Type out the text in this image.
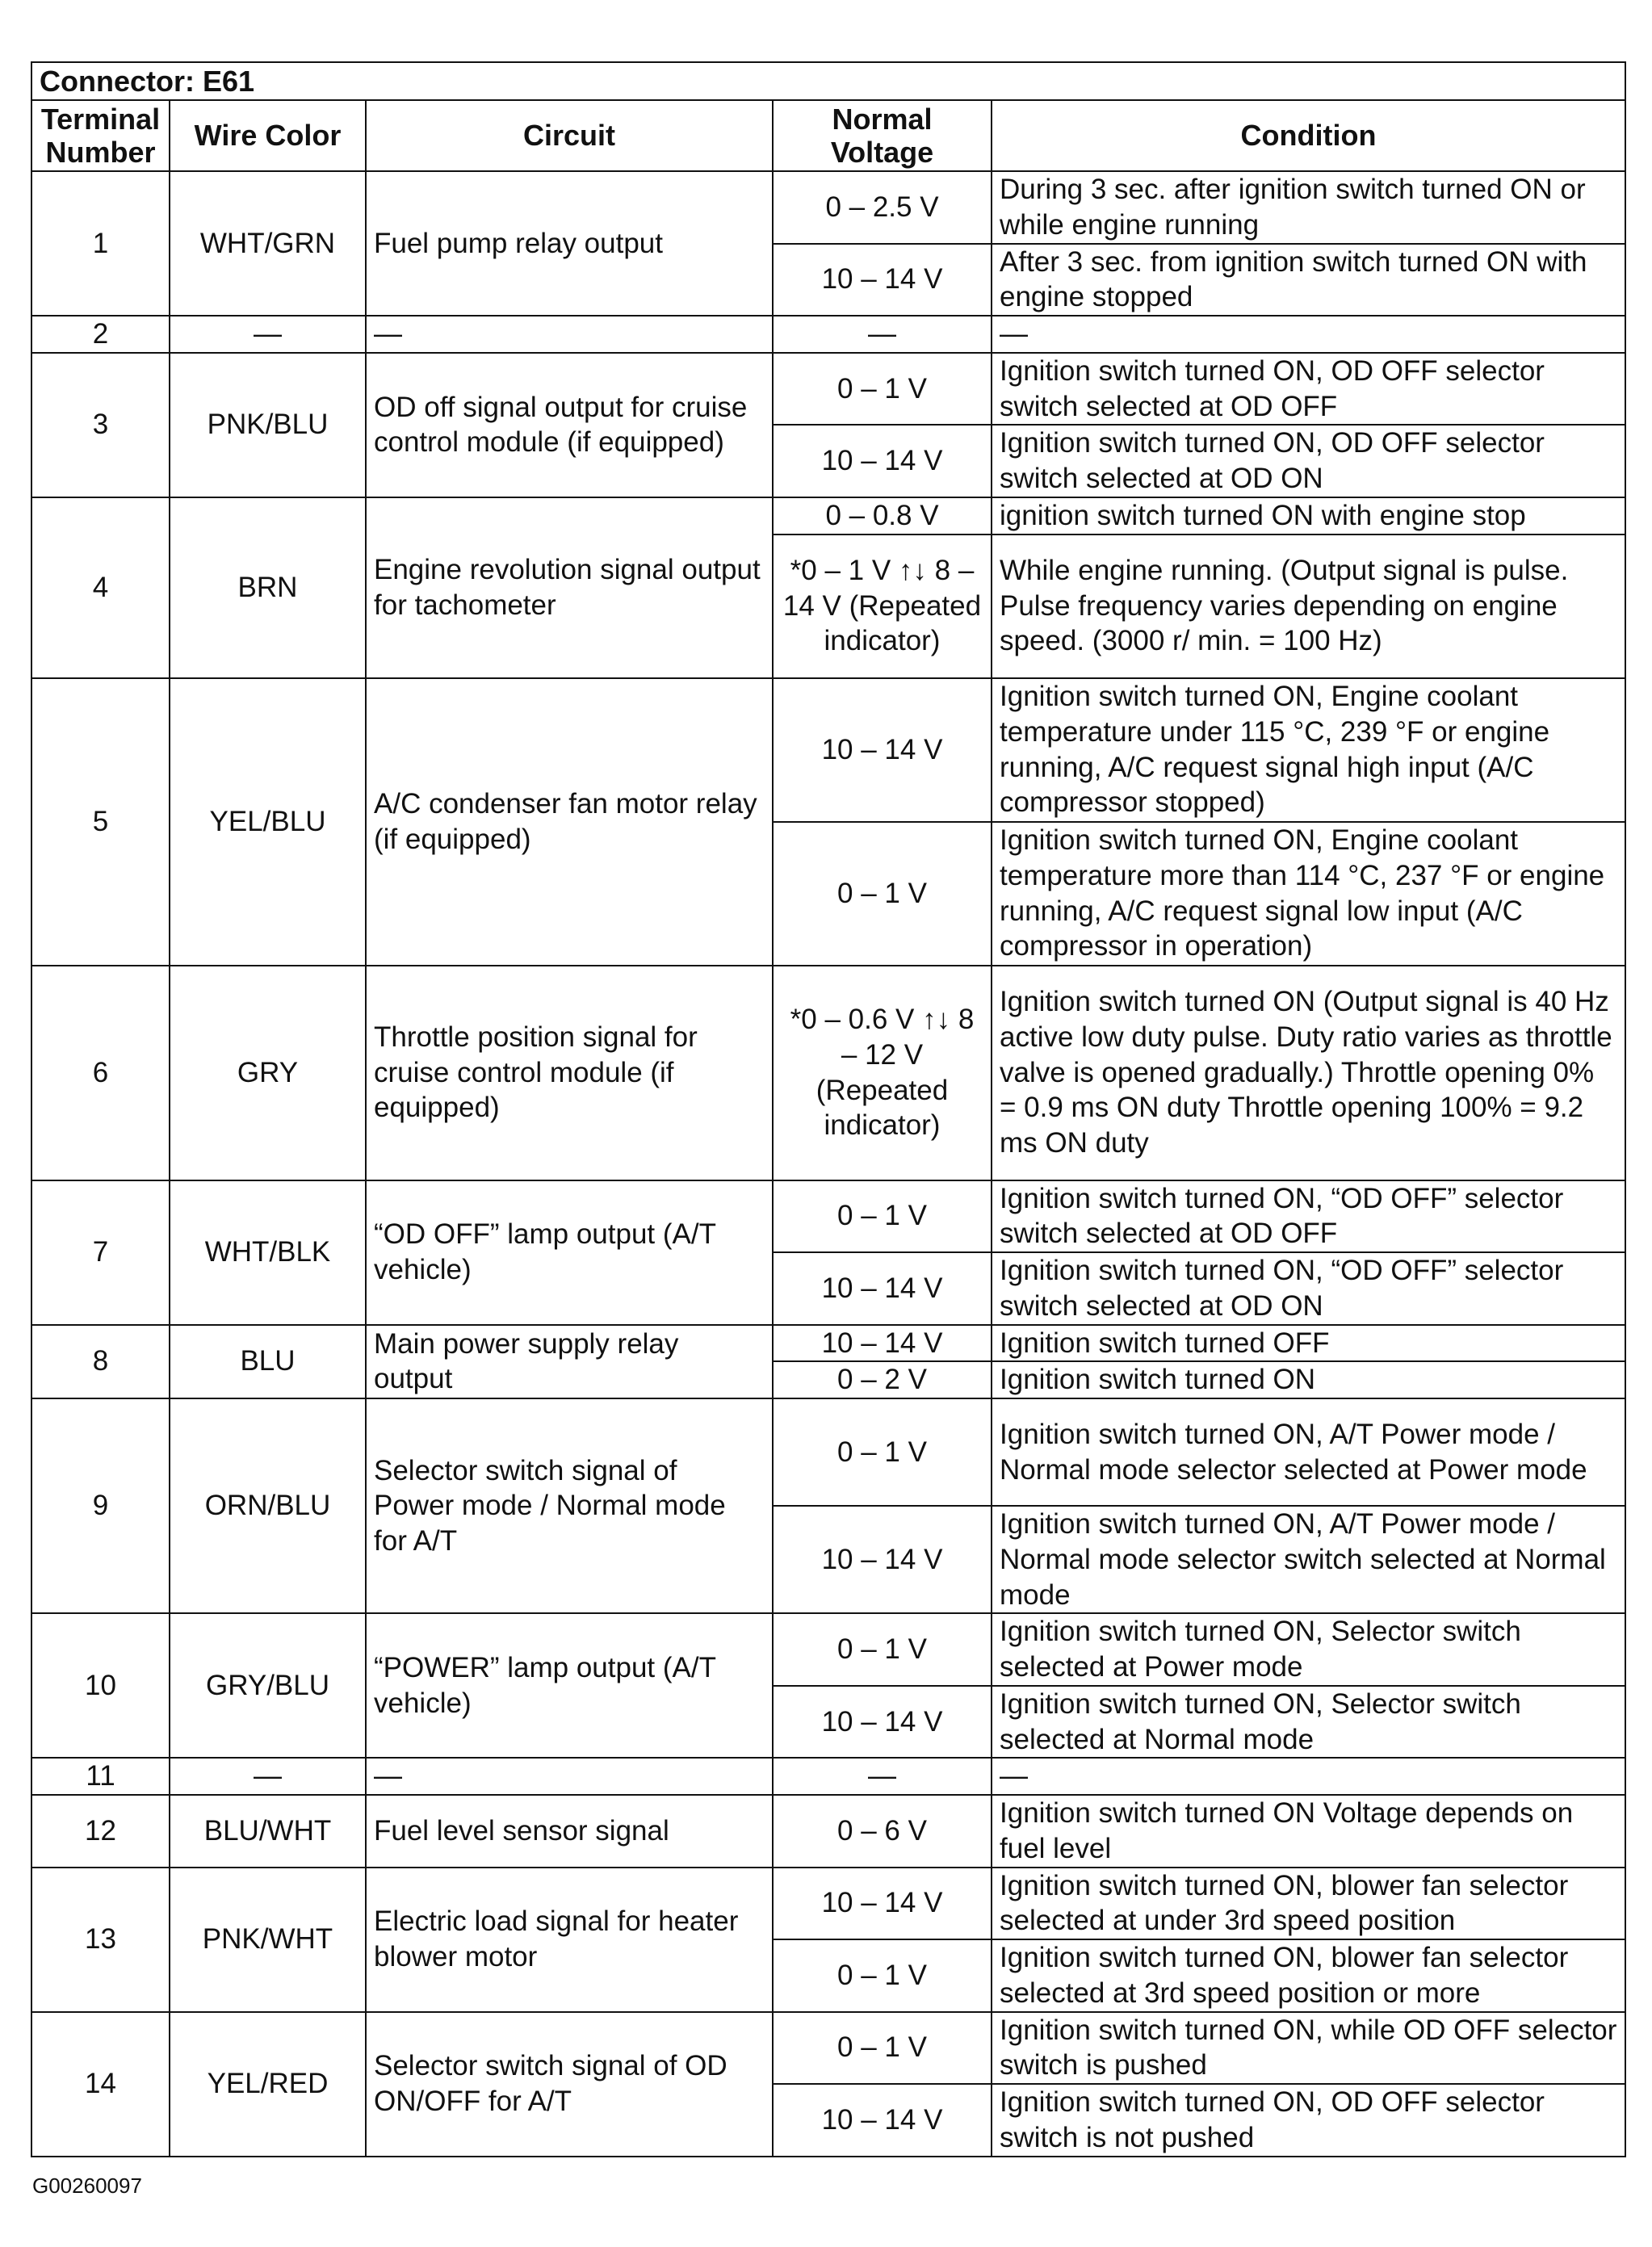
Connector: E61				
Terminal Number	Wire Color	Circuit	Normal Voltage	Condition
1	WHT/GRN	Fuel pump relay output	0 – 2.5 V	During 3 sec. after ignition switch turned ON or while engine running
			10 – 14 V	After 3 sec. from ignition switch turned ON with engine stopped
2	—	—	—	—
3	PNK/BLU	OD off signal output for cruise control module (if equipped)	0 – 1 V	Ignition switch turned ON, OD OFF selector switch selected at OD OFF
			10 – 14 V	Ignition switch turned ON, OD OFF selector switch selected at OD ON
4	BRN	Engine revolution signal output for tachometer	0 – 0.8 V	ignition switch turned ON with engine stop
			*0 – 1 V ↑↓ 8 – 14 V (Repeated indicator)	While engine running. (Output signal is pulse. Pulse frequency varies depending on engine speed. (3000 r/ min. = 100 Hz)
5	YEL/BLU	A/C condenser fan motor relay (if equipped)	10 – 14 V	Ignition switch turned ON, Engine coolant temperature under 115 °C, 239 °F or engine running, A/C request signal high input (A/C compressor stopped)
			0 – 1 V	Ignition switch turned ON, Engine coolant temperature more than 114 °C, 237 °F or engine running, A/C request signal low input (A/C compressor in operation)
6	GRY	Throttle position signal for cruise control module (if equipped)	*0 – 0.6 V ↑↓ 8 – 12 V (Repeated indicator)	Ignition switch turned ON (Output signal is 40 Hz active low duty pulse. Duty ratio varies as throttle valve is opened gradually.) Throttle opening 0% = 0.9 ms ON duty Throttle opening 100% = 9.2 ms ON duty
7	WHT/BLK	“OD OFF” lamp output (A/T vehicle)	0 – 1 V	Ignition switch turned ON, “OD OFF” selector switch selected at OD OFF
			10 – 14 V	Ignition switch turned ON, “OD OFF” selector switch selected at OD ON
8	BLU	Main power supply relay output	10 – 14 V	Ignition switch turned OFF
			0 – 2 V	Ignition switch turned ON
9	ORN/BLU	Selector switch signal of Power mode / Normal mode for A/T	0 – 1 V	Ignition switch turned ON, A/T Power mode / Normal mode selector selected at Power mode
			10 – 14 V	Ignition switch turned ON, A/T Power mode / Normal mode selector switch selected at Normal mode
10	GRY/BLU	“POWER” lamp output (A/T vehicle)	0 – 1 V	Ignition switch turned ON, Selector switch selected at Power mode
			10 – 14 V	Ignition switch turned ON, Selector switch selected at Normal mode
11	—	—	—	—
12	BLU/WHT	Fuel level sensor signal	0 – 6 V	Ignition switch turned ON Voltage depends on fuel level
13	PNK/WHT	Electric load signal for heater blower motor	10 – 14 V	Ignition switch turned ON, blower fan selector selected at under 3rd speed position
			0 – 1 V	Ignition switch turned ON, blower fan selector selected at 3rd speed position or more
14	YEL/RED	Selector switch signal of OD ON/OFF for A/T	0 – 1 V	Ignition switch turned ON, while OD OFF selector switch is pushed
			10 – 14 V	Ignition switch turned ON, OD OFF selector switch is not pushed
G00260097
